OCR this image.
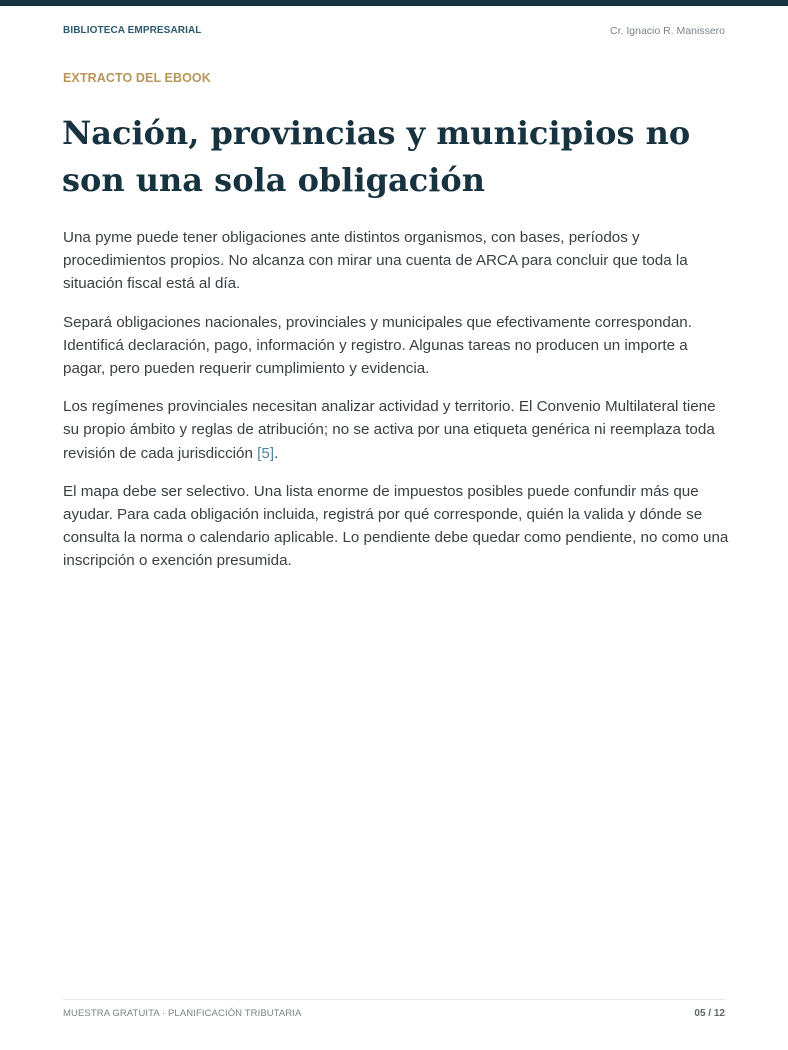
BIBLIOTECA EMPRESARIAL	Cr. Ignacio R. Manissero
EXTRACTO DEL EBOOK
Nación, provincias y municipios no son una sola obligación

Una pyme puede tener obligaciones ante distintos organismos, con bases, períodos y procedimientos propios. No alcanza con mirar una cuenta de ARCA para concluir que toda la situación fiscal está al día.

Separá obligaciones nacionales, provinciales y municipales que efectivamente correspondan. Identificá declaración, pago, información y registro. Algunas tareas no producen un importe a pagar, pero pueden requerir cumplimiento y evidencia.

Los regímenes provinciales necesitan analizar actividad y territorio. El Convenio Multilateral tiene su propio ámbito y reglas de atribución; no se activa por una etiqueta genérica ni reemplaza toda revisión de cada jurisdicción [5].

El mapa debe ser selectivo. Una lista enorme de impuestos posibles puede confundir más que ayudar. Para cada obligación incluida, registrá por qué corresponde, quién la valida y dónde se consulta la norma o calendario aplicable. Lo pendiente debe quedar como pendiente, no como una inscripción o exención presumida.

MUESTRA GRATUITA · PLANIFICACIÓN TRIBUTARIA	05 / 12
